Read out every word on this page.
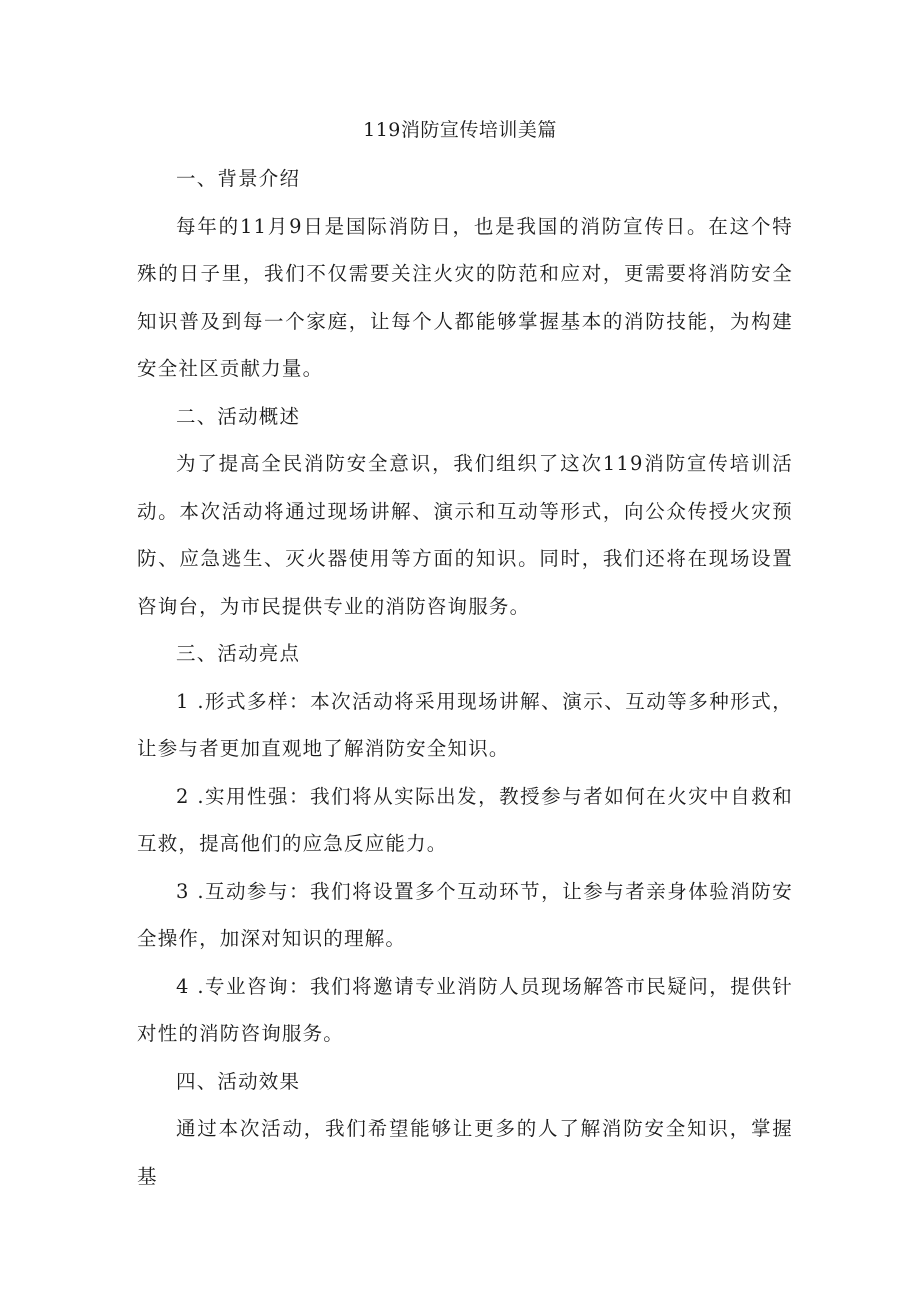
119消防宣传培训美篇

一、背景介绍

每年的11月9日是国际消防日，也是我国的消防宣传日。在这个特殊的日子里，我们不仅需要关注火灾的防范和应对，更需要将消防安全知识普及到每一个家庭，让每个人都能够掌握基本的消防技能，为构建安全社区贡献力量。

二、活动概述

为了提高全民消防安全意识，我们组织了这次119消防宣传培训活动。本次活动将通过现场讲解、演示和互动等形式，向公众传授火灾预防、应急逃生、灭火器使用等方面的知识。同时，我们还将在现场设置咨询台，为市民提供专业的消防咨询服务。

三、活动亮点

1 .形式多样：本次活动将采用现场讲解、演示、互动等多种形式，让参与者更加直观地了解消防安全知识。

2 .实用性强：我们将从实际出发，教授参与者如何在火灾中自救和互救，提高他们的应急反应能力。

3 .互动参与：我们将设置多个互动环节，让参与者亲身体验消防安全操作，加深对知识的理解。

4 .专业咨询：我们将邀请专业消防人员现场解答市民疑问，提供针对性的消防咨询服务。

四、活动效果

通过本次活动，我们希望能够让更多的人了解消防安全知识，掌握基
